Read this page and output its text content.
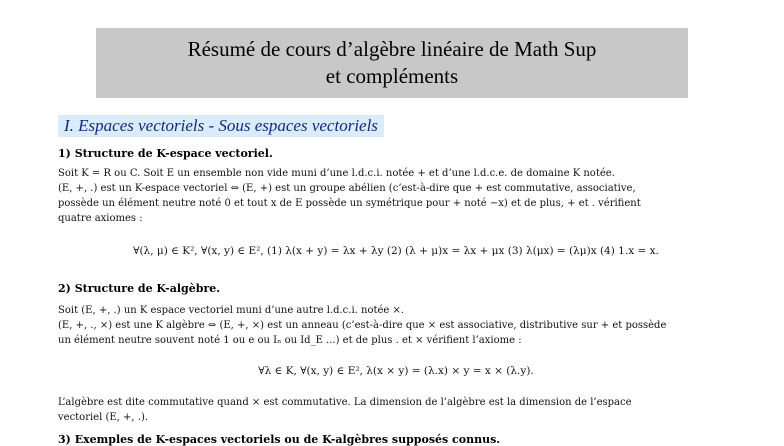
Résumé de cours d’algèbre linéaire de Math Sup
et compléments
I. Espaces vectoriels - Sous espaces vectoriels
1) Structure de K-espace vectoriel.
Soit K = R ou C. Soit E un ensemble non vide muni d’une l.d.c.i. notée + et d’une l.d.c.e. de domaine K notée.
(E, +, .) est un K-espace vectoriel ⇔ (E, +) est un groupe abélien (c’est-à-dire que + est commutative, associative,
possède un élément neutre noté 0 et tout x de E possède un symétrique pour + noté −x) et de plus, + et . vérifient
quatre axiomes :
∀(λ, μ) ∈ K², ∀(x, y) ∈ E², (1) λ(x + y) = λx + λy (2) (λ + μ)x = λx + μx (3) λ(μx) = (λμ)x (4) 1.x = x.
2) Structure de K-algèbre.
Soit (E, +, .) un K espace vectoriel muni d’une autre l.d.c.i. notée ×.
(E, +, ., ×) est une K algèbre ⇔ (E, +, ×) est un anneau (c’est-à-dire que × est associative, distributive sur + et possède
un élément neutre souvent noté 1 ou e ou Iₙ ou Id_E ...) et de plus . et × vérifient l’axiome :
∀λ ∈ K, ∀(x, y) ∈ E², λ(x × y) = (λ.x) × y = x × (λ.y).
L’algèbre est dite commutative quand × est commutative. La dimension de l’algèbre est la dimension de l’espace
vectoriel (E, +, .).
3) Exemples de K-espaces vectoriels ou de K-algèbres supposés connus.
